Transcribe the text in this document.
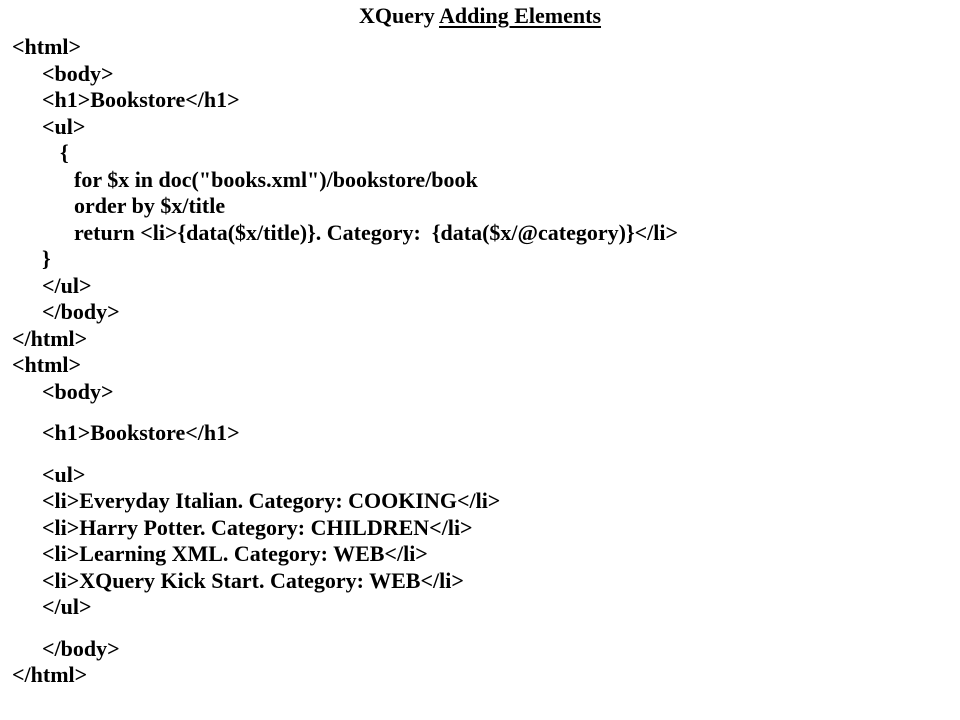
XQuery Adding Elements
<html>
<body>
<h1>Bookstore</h1>
<ul>
{
for $x in doc("books.xml")/bookstore/book
order by $x/title
return <li>{data($x/title)}. Category:  {data($x/@category)}</li>
}
</ul>
</body>
</html>
<html>
<body>
<h1>Bookstore</h1>
<ul>
<li>Everyday Italian. Category: COOKING</li>
<li>Harry Potter. Category: CHILDREN</li>
<li>Learning XML. Category: WEB</li>
<li>XQuery Kick Start. Category: WEB</li>
</ul>
</body>
</html>
